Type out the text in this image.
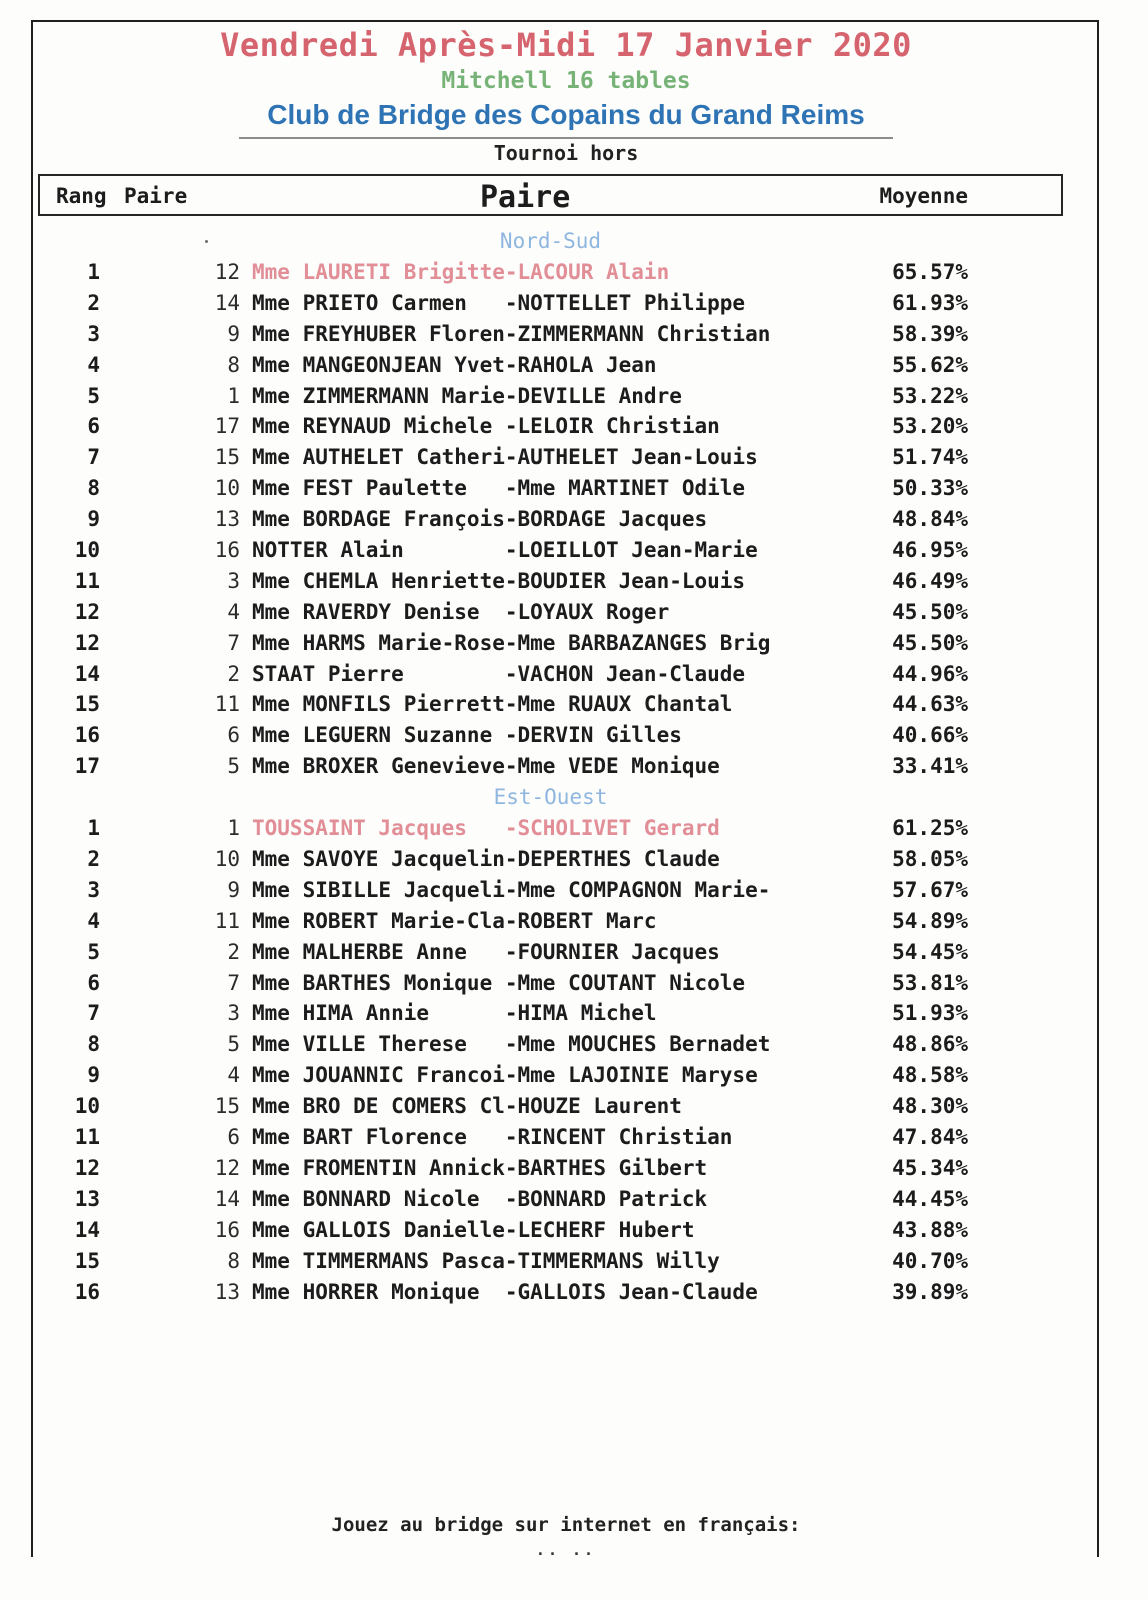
Vendredi Après-Midi 17 Janvier 2020
Mitchell 16 tables
Club de Bridge des Copains du Grand Reims
Tournoi hors
Rang Paire	Paire	Moyenne
Nord-Sud
1	12 Mme LAURETI Brigitte-LACOUR Alain	65.57%
2	14 Mme PRIETO Carmen   -NOTTELLET Philippe	61.93%
3	9 Mme FREYHUBER Floren-ZIMMERMANN Christian	58.39%
4	8 Mme MANGEONJEAN Yvet-RAHOLA Jean	55.62%
5	1 Mme ZIMMERMANN Marie-DEVILLE Andre	53.22%
6	17 Mme REYNAUD Michele -LELOIR Christian	53.20%
7	15 Mme AUTHELET Catheri-AUTHELET Jean-Louis	51.74%
8	10 Mme FEST Paulette   -Mme MARTINET Odile	50.33%
9	13 Mme BORDAGE François-BORDAGE Jacques	48.84%
10	16 NOTTER Alain        -LOEILLOT Jean-Marie	46.95%
11	3 Mme CHEMLA Henriette-BOUDIER Jean-Louis	46.49%
12	4 Mme RAVERDY Denise  -LOYAUX Roger	45.50%
12	7 Mme HARMS Marie-Rose-Mme BARBAZANGES Brig	45.50%
14	2 STAAT Pierre        -VACHON Jean-Claude	44.96%
15	11 Mme MONFILS Pierrett-Mme RUAUX Chantal	44.63%
16	6 Mme LEGUERN Suzanne -DERVIN Gilles	40.66%
17	5 Mme BROXER Genevieve-Mme VEDE Monique	33.41%
Est-Ouest
1	1 TOUSSAINT Jacques   -SCHOLIVET Gerard	61.25%
2	10 Mme SAVOYE Jacquelin-DEPERTHES Claude	58.05%
3	9 Mme SIBILLE Jacqueli-Mme COMPAGNON Marie-	57.67%
4	11 Mme ROBERT Marie-Cla-ROBERT Marc	54.89%
5	2 Mme MALHERBE Anne   -FOURNIER Jacques	54.45%
6	7 Mme BARTHES Monique -Mme COUTANT Nicole	53.81%
7	3 Mme HIMA Annie      -HIMA Michel	51.93%
8	5 Mme VILLE Therese   -Mme MOUCHES Bernadet	48.86%
9	4 Mme JOUANNIC Francoi-Mme LAJOINIE Maryse	48.58%
10	15 Mme BRO DE COMERS Cl-HOUZE Laurent	48.30%
11	6 Mme BART Florence   -RINCENT Christian	47.84%
12	12 Mme FROMENTIN Annick-BARTHES Gilbert	45.34%
13	14 Mme BONNARD Nicole  -BONNARD Patrick	44.45%
14	16 Mme GALLOIS Danielle-LECHERF Hubert	43.88%
15	8 Mme TIMMERMANS Pasca-TIMMERMANS Willy	40.70%
16	13 Mme HORRER Monique  -GALLOIS Jean-Claude	39.89%
Jouez au bridge sur internet en français:
.. ..
